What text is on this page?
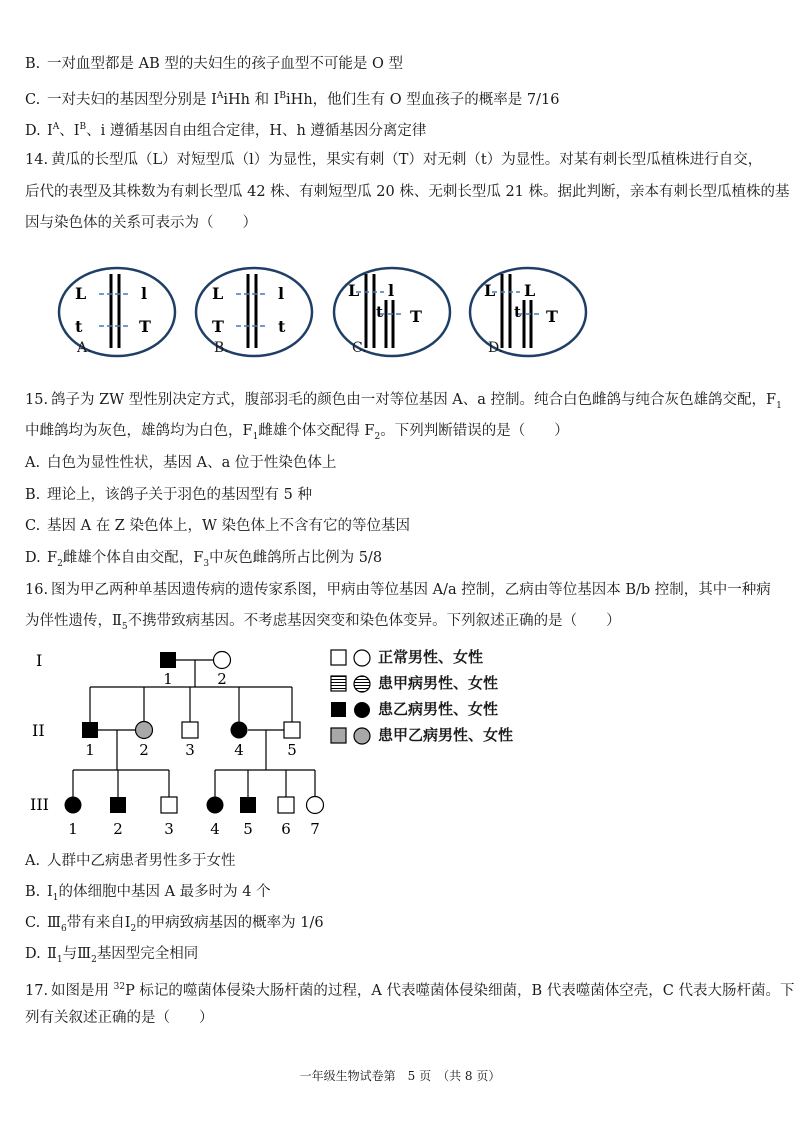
B. 一对血型都是 AB 型的夫妇生的孩子血型不可能是 O 型
C. 一对夫妇的基因型分别是 $I^AiHh$ 和 $I^BiHh$，他们生有 O 型血孩子的概率是 7/16
D. $I^A$、$I^B$、i 遵循基因自由组合定律，H、h 遵循基因分离定律
14. 黄瓜的长型瓜（L）对短型瓜（l）为显性，果实有刺（T）对无刺（t）为显性。对某有刺长型瓜植株进行自交，
后代的表型及其株数为有刺长型瓜 42 株、有刺短型瓜 20 株、无刺长型瓜 21 株。据此判断，亲本有刺长型瓜植株的基
因与染色体的关系可表示为（　　）
L
t
l
T
A.
L
T
l
t
B.
L l
t T
C.
L L
t T
D.
15. 鸽子为 ZW 型性别决定方式，腹部羽毛的颜色由一对等位基因 A、a 控制。纯合白色雌鸽与纯合灰色雄鸽交配，$F_1$
中雌鸽均为灰色，雄鸽均为白色，$F_1$雌雄个体交配得 $F_2$。下列判断错误的是（　　）
A. 白色为显性性状，基因 A、a 位于性染色体上
B. 理论上，该鸽子关于羽色的基因型有 5 种
C. 基因 A 在 Z 染色体上，W 染色体上不含有它的等位基因
D. $F_2$雌雄个体自由交配，$F_3$中灰色雌鸽所占比例为 5/8
16. 图为甲乙两种单基因遗传病的遗传家系图，甲病由等位基因 A/a 控制，乙病由等位基因本 B/b 控制，其中一种病
为伴性遗传，$Ⅱ_5$不携带致病基因。不考虑基因突变和染色体变异。下列叙述正确的是（　　）
I
II
III
1	2
1	2 3	4	5
1 2	3 4 5 6 7
正常男性、女性
患甲病男性、女性
患乙病男性、女性
患甲乙病男性、女性
A. 人群中乙病患者男性多于女性
B. $Ⅰ_1$的体细胞中基因 A 最多时为 4 个
C. $Ⅲ_6$带有来自$Ⅰ_2$的甲病致病基因的概率为 1/6
D. $Ⅱ_1$与$Ⅲ_2$基因型完全相同
17. 如图是用 $^{32}$P 标记的噬菌体侵染大肠杆菌的过程，A 代表噬菌体侵染细菌，B 代表噬菌体空壳，C 代表大肠杆菌。下
列有关叙述正确的是（　　）
一年级生物试卷第　5 页　（共 8 页）
